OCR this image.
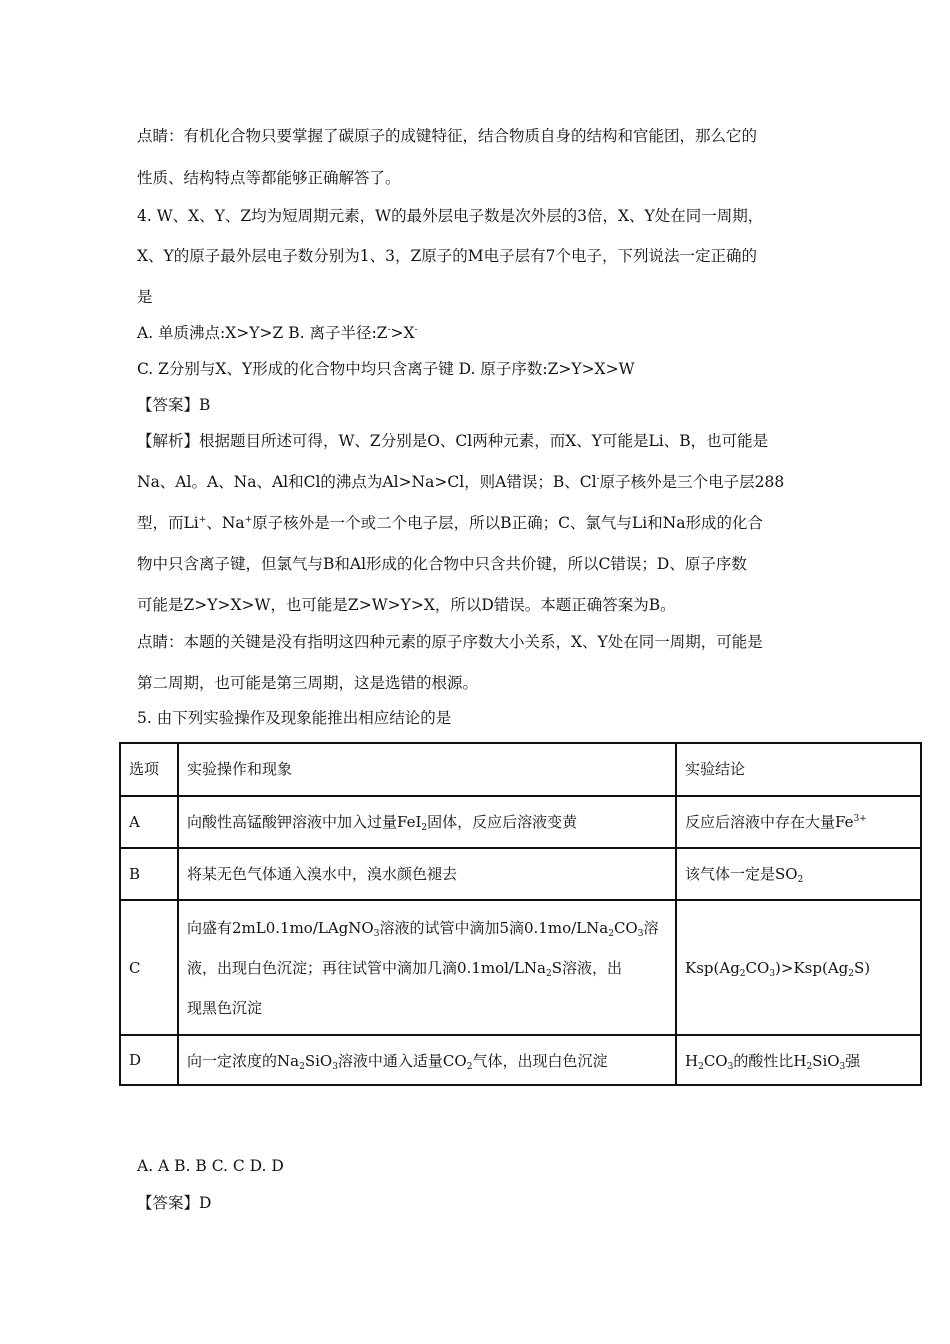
点睛：有机化合物只要掌握了碳原子的成键特征，结合物质自身的结构和官能团，那么它的
性质、结构特点等都能够正确解答了。
4. W、X、Y、Z均为短周期元素，W的最外层电子数是次外层的3倍，X、Y处在同一周期，
X、Y的原子最外层电子数分别为1、3，Z原子的M电子层有7个电子，下列说法一定正确的
是
A. 单质沸点:X>Y>Z B. 离子半径:Z->X-
C. Z分别与X、Y形成的化合物中均只含离子键 D. 原子序数:Z>Y>X>W
【答案】B
【解析】根据题目所述可得，W、Z分别是O、Cl两种元素，而X、Y可能是Li、B，也可能是
Na、Al。A、Na、Al和Cl的沸点为Al>Na>Cl，则A错误；B、Cl-原子核外是三个电子层288
型，而Li+、Na+原子核外是一个或二个电子层，所以B正确；C、氯气与Li和Na形成的化合
物中只含离子键，但氯气与B和Al形成的化合物中只含共价键，所以C错误；D、原子序数
可能是Z>Y>X>W，也可能是Z>W>Y>X，所以D错误。本题正确答案为B。
点睛：本题的关键是没有指明这四种元素的原子序数大小关系，X、Y处在同一周期，可能是
第二周期，也可能是第三周期，这是选错的根源。
5. 由下列实验操作及现象能推出相应结论的是
选项	实验操作和现象	实验结论
A	向酸性高锰酸钾溶液中加入过量FeI$_2$固体，反应后溶液变黄	反应后溶液中存在大量$Fe^{3+}$
B	将某无色气体通入溴水中，溴水颜色褪去	该气体一定是$SO_2$
C	向盛有2mL0.1mo/LAgNO$_3$溶液的试管中滴加5滴$0.1mo/LNa_2CO_3$溶
液，出现白色沉淀；再往试管中滴加几滴0.1mol/LNa$_2$S溶液，出
现黑色沉淀	$Ksp(Ag_2CO_3)>Ksp(Ag_2S)$
D	向一定浓度的$Na_2SiO_3$溶液中通入适量$CO_2$气体，出现白色沉淀	$H_2CO_3$的酸性比$H_2SiO_3$强
A. A B. B C. C D. D
【答案】D
